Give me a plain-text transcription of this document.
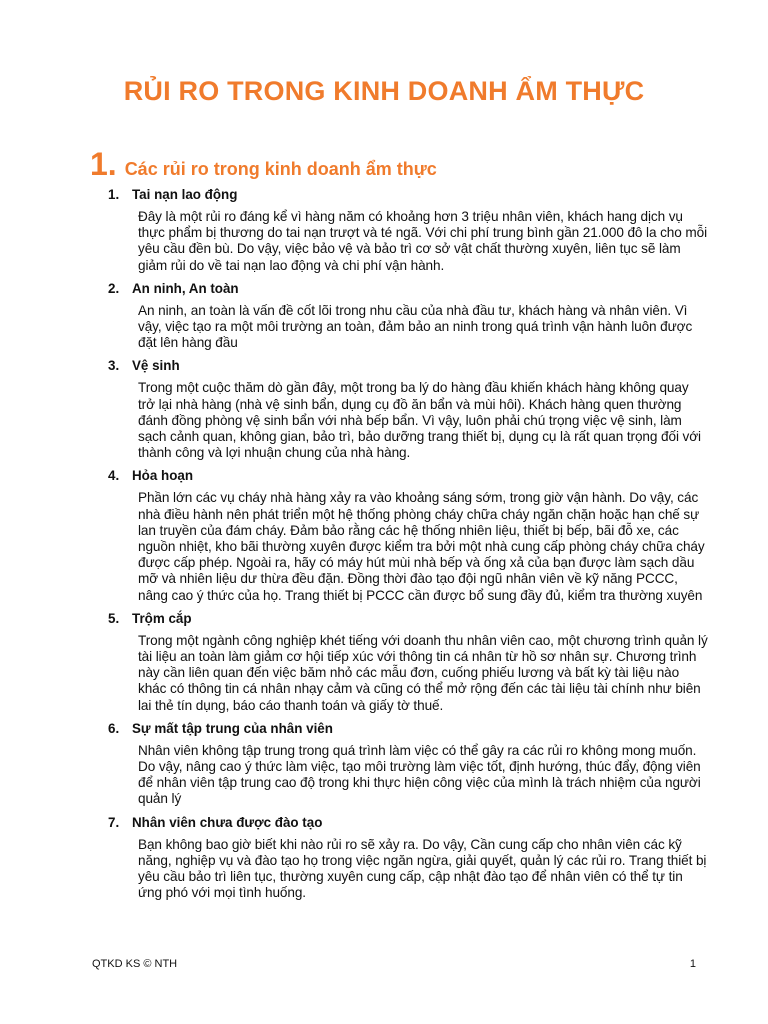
RỦI RO TRONG KINH DOANH ẨM THỰC
1. Các rủi ro trong kinh doanh ẩm thực
1. Tai nạn lao động
Đây là một rủi ro đáng kể vì hàng năm có khoảng hơn 3 triệu nhân viên, khách hang dịch vụ thực phẩm bị thương do tai nạn trượt và té ngã. Với chi phí trung bình gần 21.000 đô la cho mỗi yêu cầu đền bù. Do vậy, việc bảo vệ và bảo trì cơ sở vật chất thường xuyên, liên tục sẽ làm giảm rủi do về tai nạn lao động và chi phí vận hành.
2. An ninh, An toàn
An ninh, an toàn là vấn đề cốt lõi trong nhu cầu của nhà đầu tư, khách hàng và nhân viên. Vì vậy, việc tạo ra một môi trường an toàn, đảm bảo an ninh trong quá trình vận hành luôn được đặt lên hàng đầu
3. Vệ sinh
Trong một cuộc thăm dò gần đây, một trong ba lý do hàng đầu khiến khách hàng không quay trở lại nhà hàng (nhà vệ sinh bẩn, dụng cụ đồ ăn bẩn và mùi hôi). Khách hàng quen thường đánh đồng phòng vệ sinh bẩn với nhà bếp bẩn. Vì vậy, luôn phải chú trọng việc vệ sinh, làm sạch cảnh quan, không gian, bảo trì, bảo dưỡng trang thiết bị, dụng cụ là rất quan trọng đối với thành công và lợi nhuận chung của nhà hàng.
4. Hỏa hoạn
Phần lớn các vụ cháy nhà hàng xảy ra vào khoảng sáng sớm, trong giờ vận hành. Do vậy, các nhà điều hành nên phát triển một hệ thống phòng cháy chữa cháy ngăn chặn hoặc hạn chế sự lan truyền của đám cháy. Đảm bảo rằng các hệ thống nhiên liệu, thiết bị bếp, bãi đỗ xe, các nguồn nhiệt, kho bãi thường xuyên được kiểm tra bởi một nhà cung cấp phòng cháy chữa cháy được cấp phép. Ngoài ra, hãy có máy hút mùi nhà bếp và ống xả của bạn được làm sạch dầu mỡ và nhiên liệu dư thừa đều đặn. Đồng thời đào tạo đội ngũ nhân viên về kỹ năng PCCC, nâng cao ý thức của họ. Trang thiết bị PCCC cần được bổ sung đầy đủ, kiểm tra thường xuyên
5. Trộm cắp
Trong một ngành công nghiệp khét tiếng với doanh thu nhân viên cao, một chương trình quản lý tài liệu an toàn làm giảm cơ hội tiếp xúc với thông tin cá nhân từ hồ sơ nhân sự. Chương trình này cần liên quan đến việc băm nhỏ các mẫu đơn, cuống phiếu lương và bất kỳ tài liệu nào khác có thông tin cá nhân nhạy cảm và cũng có thể mở rộng đến các tài liệu tài chính như biên lai thẻ tín dụng, báo cáo thanh toán và giấy tờ thuế.
6. Sự mất tập trung của nhân viên
Nhân viên không tập trung trong quá trình làm việc có thể gây ra các rủi ro không mong muốn. Do vậy, nâng cao ý thức làm việc, tạo môi trường làm việc tốt, định hướng, thúc đẩy, động viên để nhân viên tập trung cao độ trong khi thực hiện công việc của mình là trách nhiệm của người quản lý
7. Nhân viên chưa được đào tạo
Bạn không bao giờ biết khi nào rủi ro sẽ xảy ra. Do vậy, Cần cung cấp cho nhân viên các kỹ năng, nghiệp vụ và đào tạo họ trong việc ngăn ngừa, giải quyết, quản lý các rủi ro. Trang thiết bị yêu cầu bảo trì liên tục, thường xuyên cung cấp, cập nhật đào tạo để nhân viên có thể tự tin ứng phó với mọi tình huống.
QTKD KS © NTH	1
